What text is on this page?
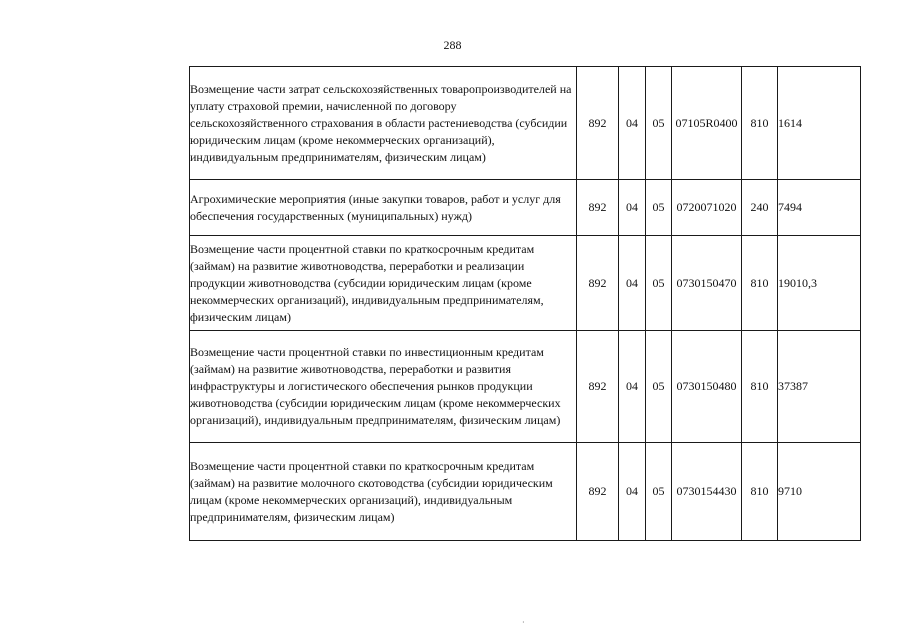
288
Возмещение части затрат сельскохозяйственных товаропроизводителей на уплату страховой премии, начисленной по договору сельскохозяйственного страхования в области растениеводства (субсидии юридическим лицам (кроме некоммерческих организаций), индивидуальным предпринимателям, физическим лицам)	892	04	05	07105R0400	810	1614
Агрохимические мероприятия (иные закупки товаров, работ и услуг для обеспечения государственных (муниципальных) нужд)	892	04	05	0720071020	240	7494
Возмещение части процентной ставки по краткосрочным кредитам (займам) на развитие животноводства, переработки и реализации продукции животноводства (субсидии юридическим лицам (кроме некоммерческих организаций), индивидуальным предпринимателям, физическим лицам)	892	04	05	0730150470	810	19010,3
Возмещение части процентной ставки по инвестиционным кредитам (займам) на развитие животноводства, переработки и развития инфраструктуры и логистического обеспечения рынков продукции животноводства (субсидии юридическим лицам (кроме некоммерческих организаций), индивидуальным предпринимателям, физическим лицам)	892	04	05	0730150480	810	37387
Возмещение части процентной ставки по краткосрочным кредитам (займам) на развитие молочного скотоводства (субсидии юридическим лицам (кроме некоммерческих организаций), индивидуальным предпринимателям, физическим лицам)	892	04	05	0730154430	810	9710
·
